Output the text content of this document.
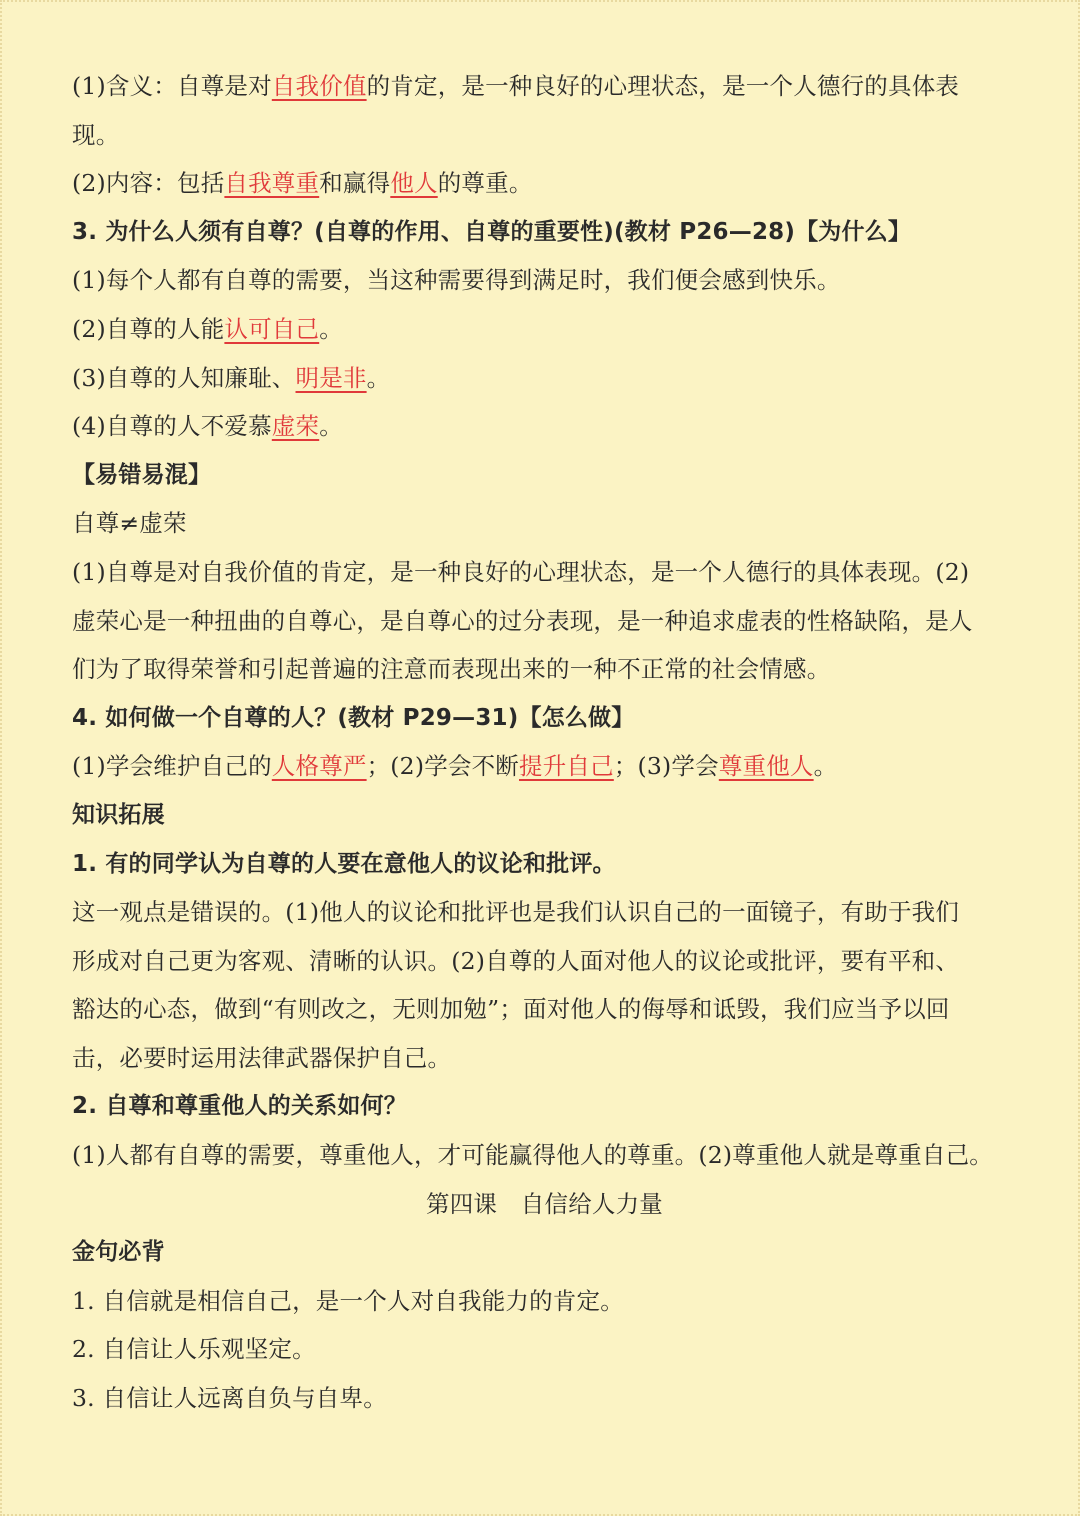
(1)含义：自尊是对自我价值的肯定，是一种良好的心理状态，是一个人德行的具体表
现。
(2)内容：包括自我尊重和赢得他人的尊重。
3. 为什么人须有自尊？(自尊的作用、自尊的重要性)(教材 P26—28)【为什么】
(1)每个人都有自尊的需要，当这种需要得到满足时，我们便会感到快乐。
(2)自尊的人能认可自己。
(3)自尊的人知廉耻、明是非。
(4)自尊的人不爱慕虚荣。
【易错易混】
自尊≠虚荣
(1)自尊是对自我价值的肯定，是一种良好的心理状态，是一个人德行的具体表现。(2)
虚荣心是一种扭曲的自尊心，是自尊心的过分表现，是一种追求虚表的性格缺陷，是人
们为了取得荣誉和引起普遍的注意而表现出来的一种不正常的社会情感。
4. 如何做一个自尊的人？(教材 P29—31)【怎么做】
(1)学会维护自己的人格尊严；(2)学会不断提升自己；(3)学会尊重他人。
知识拓展
1. 有的同学认为自尊的人要在意他人的议论和批评。
这一观点是错误的。(1)他人的议论和批评也是我们认识自己的一面镜子，有助于我们
形成对自己更为客观、清晰的认识。(2)自尊的人面对他人的议论或批评，要有平和、
豁达的心态，做到“有则改之，无则加勉”；面对他人的侮辱和诋毁，我们应当予以回
击，必要时运用法律武器保护自己。
2. 自尊和尊重他人的关系如何？
(1)人都有自尊的需要，尊重他人，才可能赢得他人的尊重。(2)尊重他人就是尊重自己。
第四课　自信给人力量
金句必背
1. 自信就是相信自己，是一个人对自我能力的肯定。
2. 自信让人乐观坚定。
3. 自信让人远离自负与自卑。
